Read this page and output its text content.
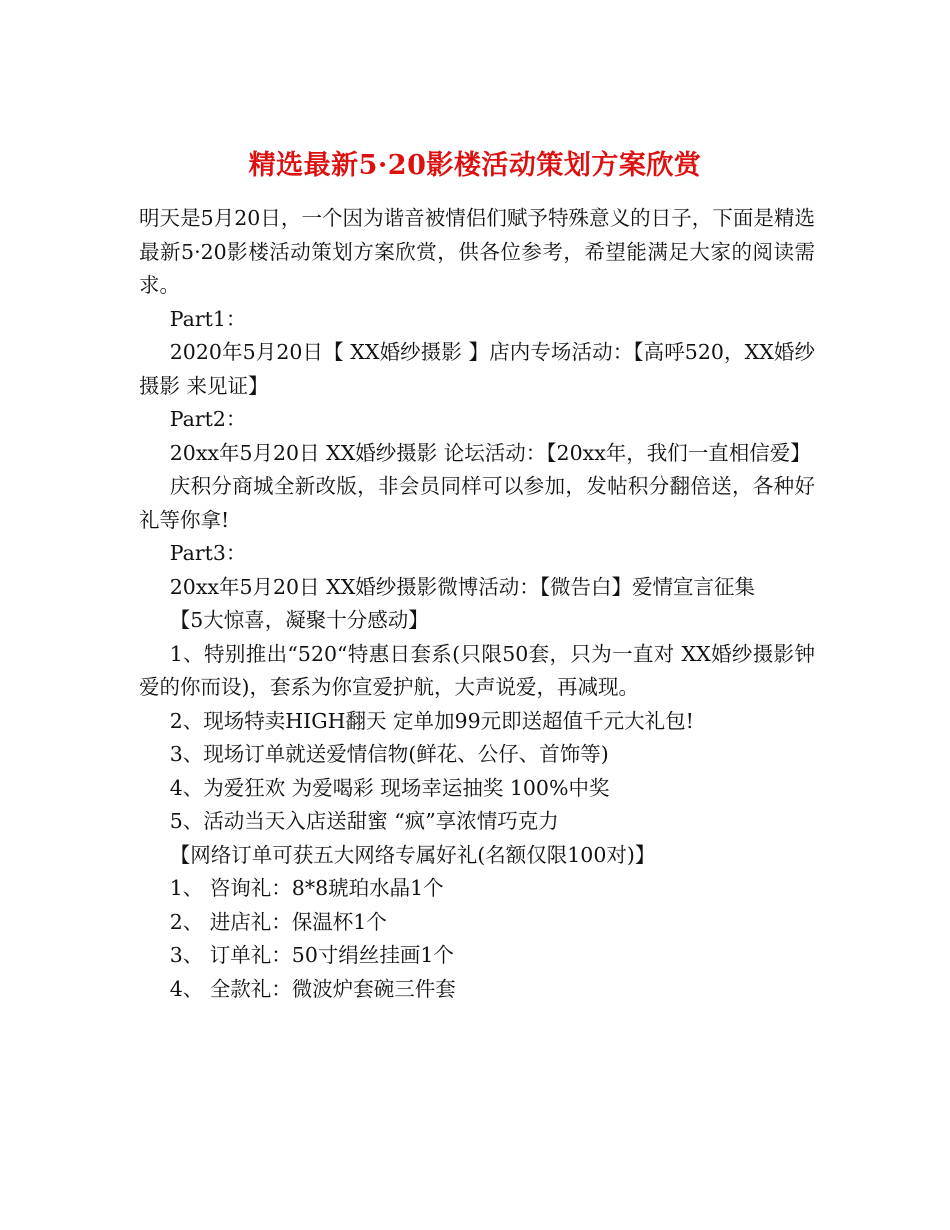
精选最新5·20影楼活动策划方案欣赏

明天是5月20日，一个因为谐音被情侣们赋予特殊意义的日子，下面是精选最新5·20影楼活动策划方案欣赏，供各位参考，希望能满足大家的阅读需求。

Part1：

2020年5月20日【 XX婚纱摄影 】店内专场活动：【高呼520，XX婚纱摄影 来见证】

Part2：

20xx年5月20日 XX婚纱摄影 论坛活动：【20xx年，我们一直相信爱】

庆积分商城全新改版，非会员同样可以参加，发帖积分翻倍送，各种好礼等你拿!

Part3：

20xx年5月20日 XX婚纱摄影微博活动：【微告白】爱情宣言征集

【5大惊喜，凝聚十分感动】

1、特别推出“520“特惠日套系(只限50套，只为一直对 XX婚纱摄影钟爱的你而设)，套系为你宣爱护航，大声说爱，再减现。

2、现场特卖HIGH翻天 定单加99元即送超值千元大礼包!

3、现场订单就送爱情信物(鲜花、公仔、首饰等)

4、为爱狂欢 为爱喝彩 现场幸运抽奖 100%中奖

5、活动当天入店送甜蜜 “疯”享浓情巧克力

【网络订单可获五大网络专属好礼(名额仅限100对)】

1、 咨询礼：8*8琥珀水晶1个

2、 进店礼：保温杯1个

3、 订单礼：50寸绢丝挂画1个

4、 全款礼：微波炉套碗三件套
